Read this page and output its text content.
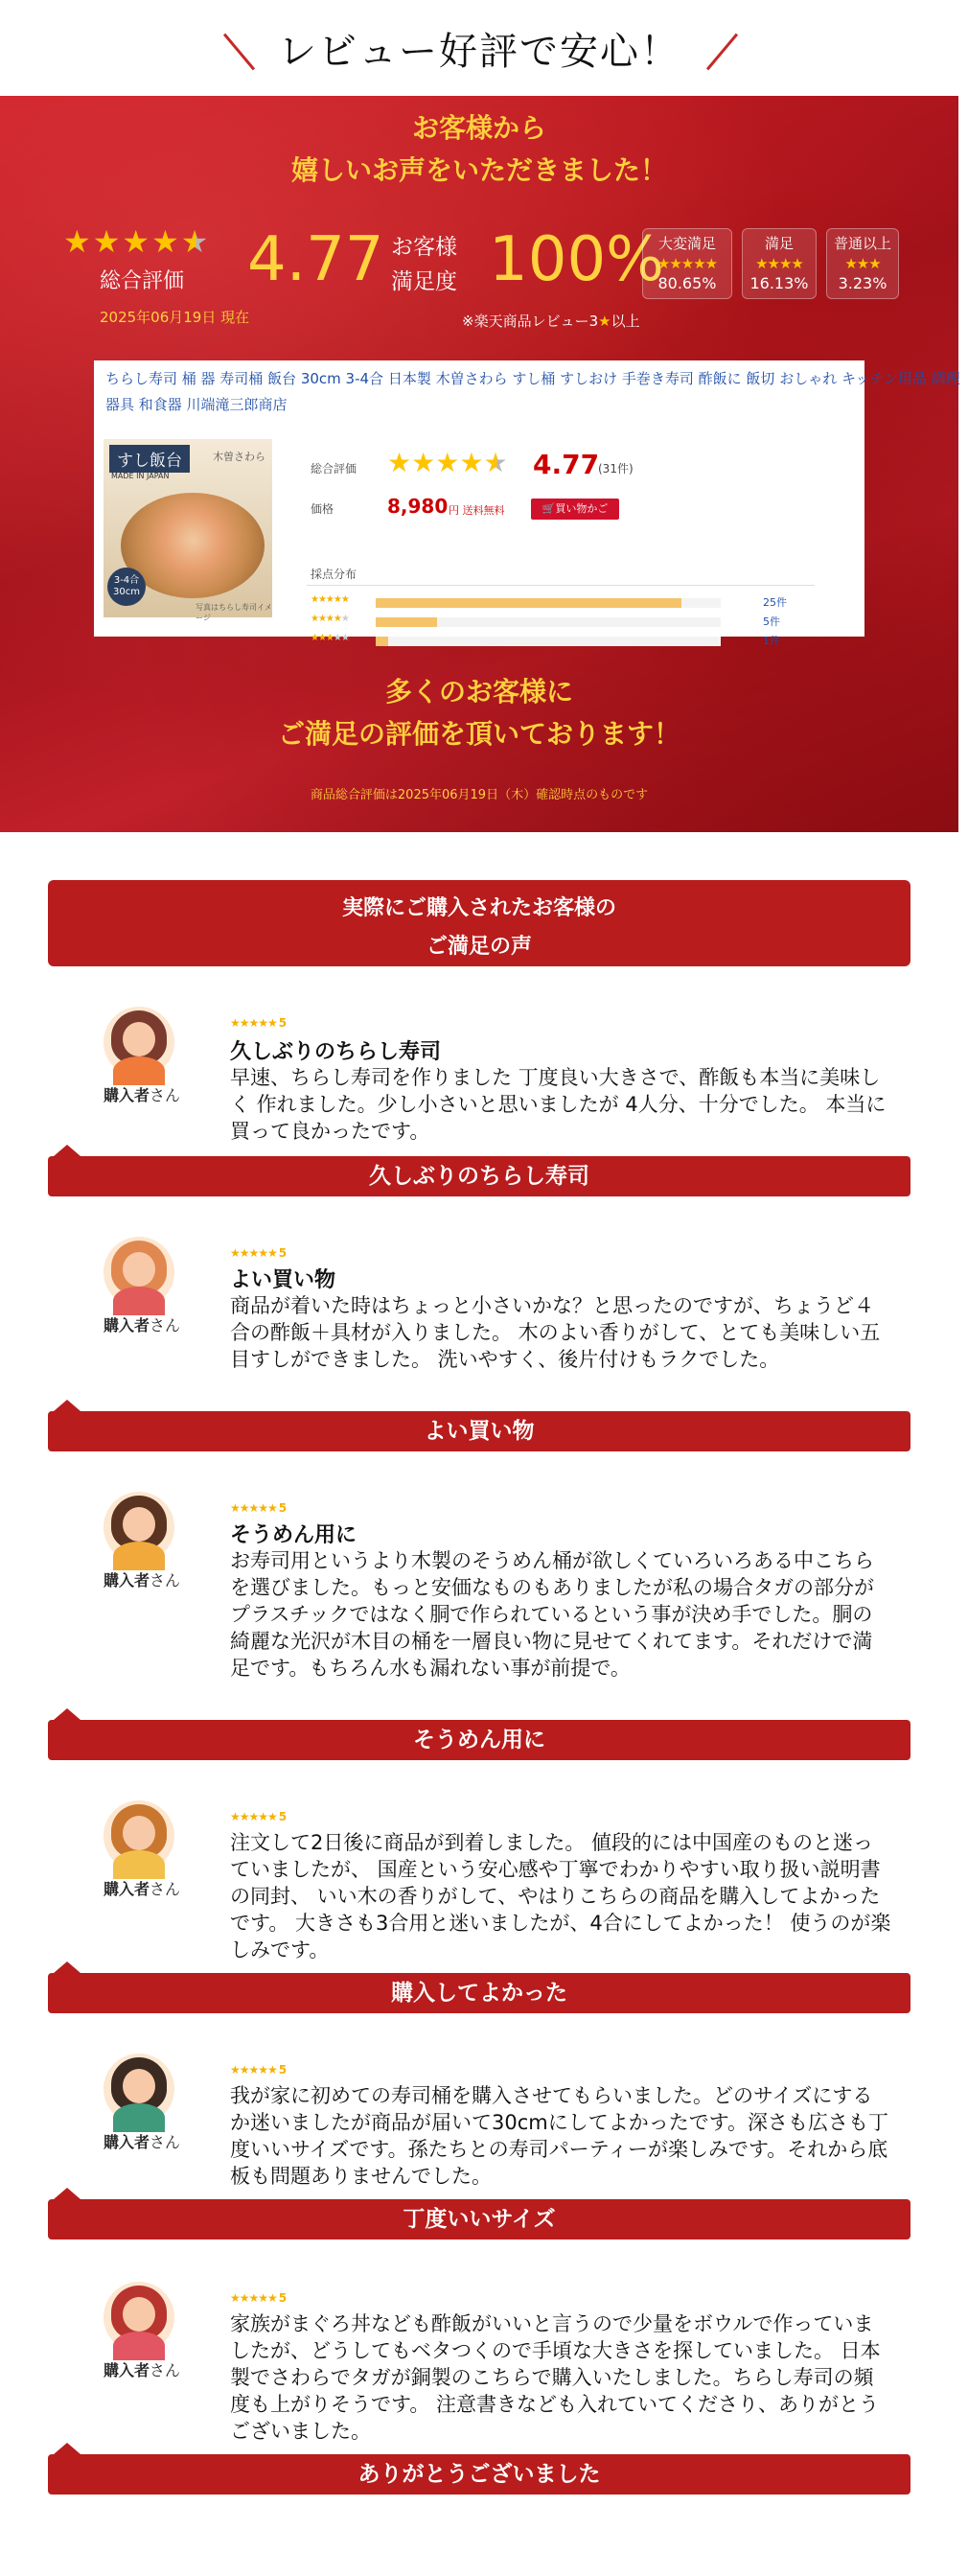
レビュー好評で安心！
お客様から
嬉しいお声をいただきました！
★ ★ ★ ★ ★
総合評価
2025年06月19日 現在
4.77 お客様 満足度 100%
※楽天商品レビュー3★以上
大変満足
★★★★★
80.65%
満足
★★★★
16.13%
普通以上
★★★
3.23%
ちらし寿司 桶 器 寿司桶 飯台 30cm 3-4合 日本製 木曽さわら すし桶 すしおけ 手巻き寿司 酢飯に 飯切 おしゃれ キッチン用品 調理器具 和食器 川端滝三郎商店
すし飯台	木曽さわら
MADE IN JAPAN
3-4合 30cm
写真はちらし寿司イメージ
総合評価 ★ ★ ★ ★ ★ 4.77
(31件)
価格	8,980 円 送料無料	🛒買い物かご
採点分布
★★★★★	25件
★★★★★	5件
★★★★★	1件
多くのお客様に
ご満足の評価を頂いております！
商品総合評価は2025年06月19日（木）確認時点のものです
実際にご購入されたお客様の
ご満足の声
購入者さん
★★★★★ 5
久しぶりのちらし寿司
早速、ちらし寿司を作りました 丁度良い大きさで、酢飯も本当に美味しく 作れました。少し小さいと思いましたが 4人分、十分でした。 本当に買って良かったです。
久しぶりのちらし寿司
購入者さん
★★★★★ 5
よい買い物
商品が着いた時はちょっと小さいかな？と思ったのですが、ちょうど４合の酢飯＋具材が入りました。 木のよい香りがして、とても美味しい五目すしができました。 洗いやすく、後片付けもラクでした。
よい買い物
購入者さん
★★★★★ 5
そうめん用に
お寿司用というより木製のそうめん桶が欲しくていろいろある中こちらを選びました。もっと安価なものもありましたが私の場合タガの部分がプラスチックではなく胴で作られているという事が決め手でした。胴の綺麗な光沢が木目の桶を一層良い物に見せてくれてます。それだけで満足です。もちろん水も漏れない事が前提で。
そうめん用に
購入者さん
★★★★★ 5
注文して2日後に商品が到着しました。 値段的には中国産のものと迷っていましたが、 国産という安心感や丁寧でわかりやすい取り扱い説明書の同封、 いい木の香りがして、やはりこちらの商品を購入してよかったです。 大きさも3合用と迷いましたが、4合にしてよかった！ 使うのが楽しみです。
購入してよかった
購入者さん
★★★★★ 5
我が家に初めての寿司桶を購入させてもらいました。どのサイズにするか迷いましたが商品が届いて30cmにしてよかったです。深さも広さも丁度いいサイズです。孫たちとの寿司パーティーが楽しみです。それから底板も問題ありませんでした。
丁度いいサイズ
購入者さん
★★★★★ 5
家族がまぐろ丼なども酢飯がいいと言うので少量をボウルで作っていましたが、どうしてもベタつくので手頃な大きさを探していました。 日本製でさわらでタガが銅製のこちらで購入いたしました。ちらし寿司の頻度も上がりそうです。 注意書きなども入れていてくださり、ありがとうございました。
ありがとうございました
